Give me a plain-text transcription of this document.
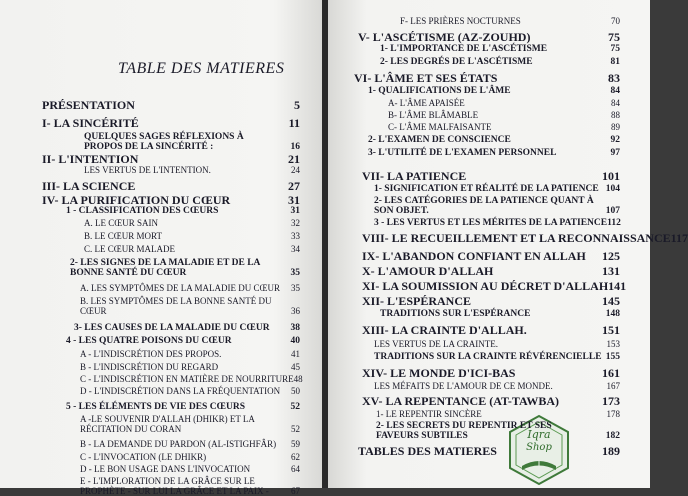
TABLE DES MATIERES
PRÉSENTATION	5
I- LA SINCÉRITÉ	11
QUELQUES SAGES RÉFLEXIONS À PROPOS DE LA SINCÉRITÉ :	16
II- L'INTENTION	21
LES VERTUS DE L'INTENTION.	24
III- LA SCIENCE	27
IV- LA PURIFICATION DU CŒUR	31
1 - CLASSIFICATION DES CŒURS	31
A. LE CŒUR SAIN	32
B. LE CŒUR MORT	33
C. LE CŒUR MALADE	34
2- LES SIGNES DE LA MALADIE ET DE LA BONNE SANTÉ DU CŒUR	35
A. LES SYMPTÔMES DE LA MALADIE DU CŒUR 35
B. LES SYMPTÔMES DE LA BONNE SANTÉ DU CŒUR	36
3- LES CAUSES DE LA MALADIE DU CŒUR 38
4 - LES QUATRE POISONS DU CŒUR	40
A - L'INDISCRÉTION DES PROPOS.	41
B - L'INDISCRÉTION DU REGARD	45
C - L'INDISCRÉTION EN MATIÈRE DE NOURRITURE 48
D - L'INDISCRÉTION DANS LA FRÉQUENTATION 50
5 - LES ÉLÉMENTS DE VIE DES CŒURS	52
A -LE SOUVENIR D'ALLAH (DHIKR) ET LA RÉCITATION DU CORAN	52
B - LA DEMANDE DU PARDON (AL-ISTIGHFÂR) 59
C - L'INVOCATION (LE DHIKR)	62
D - LE BON USAGE DANS L'INVOCATION	64
E - L'IMPLORATION DE LA GRÂCE SUR LE PROPHÈTE - SUR LUI LA GRÂCE ET LA PAIX -	67
Iqra
Shop
F- LES PRIÈRES NOCTURNES	70
V- L'ASCÉTISME (AZ-ZOUHD)	75
1- L'IMPORTANCE DE L'ASCÉTISME	75
2- LES DEGRÉS DE L'ASCÉTISME	81
VI- L'ÂME ET SES ÉTATS	83
1- QUALIFICATIONS DE L'ÂME	84
A- L'ÂME APAISÉE	84
B- L'ÂME BLÂMABLE	88
C- L'ÂME MALFAISANTE	89
2- L'EXAMEN DE CONSCIENCE	92
3- L'UTILITÉ DE L'EXAMEN PERSONNEL	97
VII- LA PATIENCE	101
1- SIGNIFICATION ET RÉALITÉ DE LA PATIENCE 104
2- LES CATÉGORIES DE LA PATIENCE QUANT À SON OBJET.	107
3 - LES VERTUS ET LES MÉRITES DE LA PATIENCE 112
VIII- LE RECUEILLEMENT ET LA RECONNAISSANCE 117
IX- L'ABANDON CONFIANT EN ALLAH 125
X- L'AMOUR D'ALLAH	131
XI- LA SOUMISSION AU DÉCRET D'ALLAH 141
XII- L'ESPÉRANCE	145
TRADITIONS SUR L'ESPÉRANCE	148
XIII- LA CRAINTE D'ALLAH.	151
LES VERTUS DE LA CRAINTE.	153
TRADITIONS SUR LA CRAINTE RÉVÉRENCIELLE 155
XIV- LE MONDE D'ICI-BAS	161
LES MÉFAITS DE L'AMOUR DE CE MONDE.	167
XV- LA REPENTANCE (AT-TAWBA)	173
1- LE REPENTIR SINCÈRE	178
2- LES SECRETS DU REPENTIR ET SES FAVEURS SUBTILES	182
TABLES DES MATIERES	189
